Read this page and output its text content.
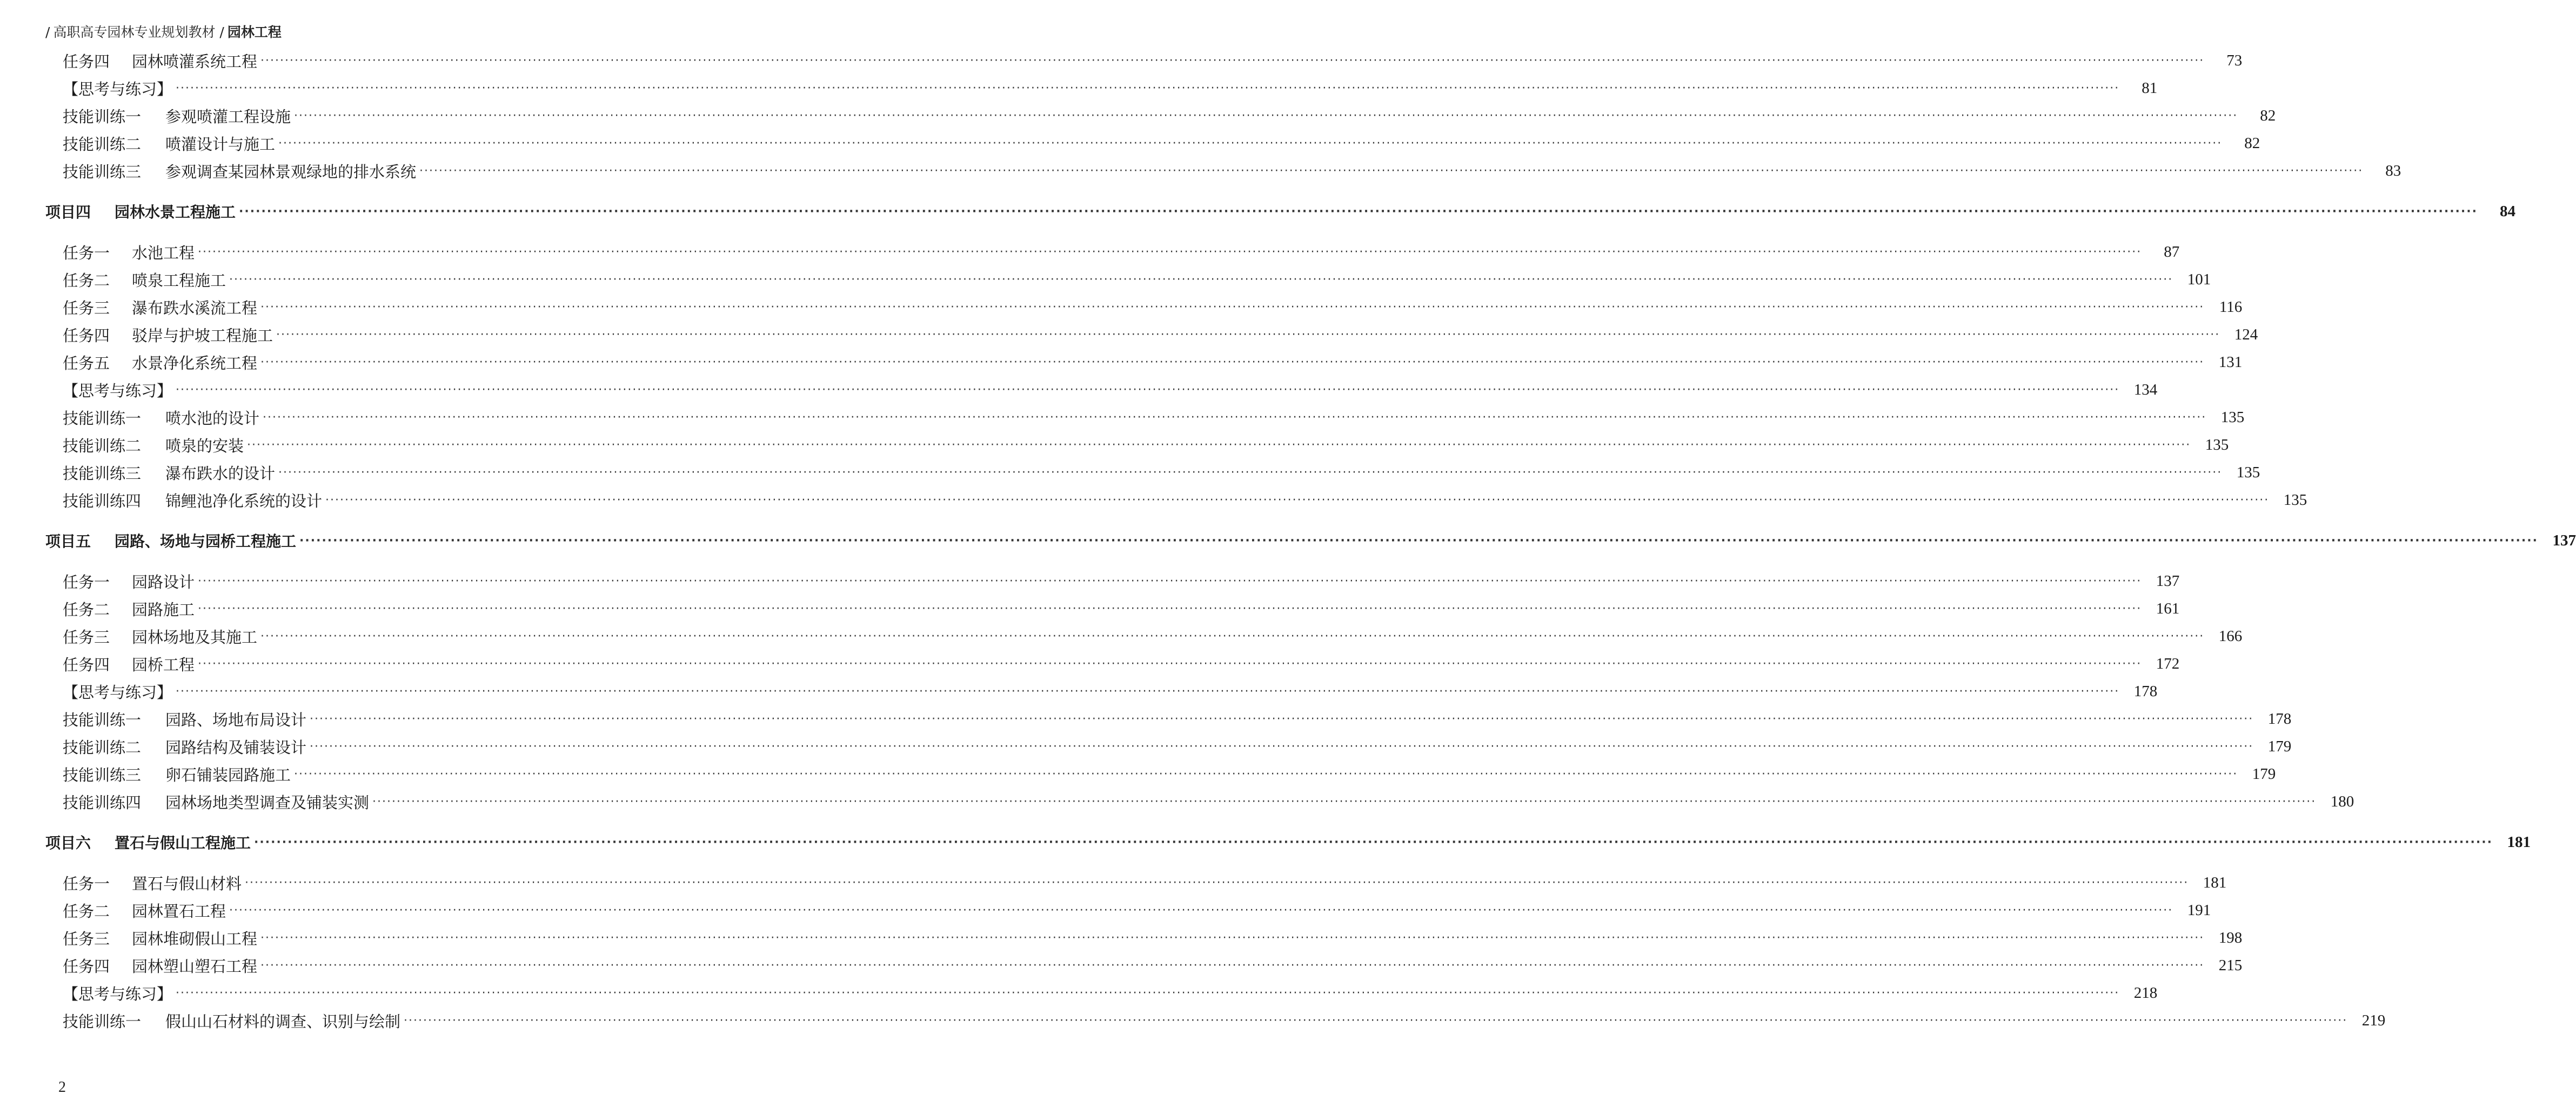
/ 高职高专园林专业规划教材 / 园林工程
任务四	园林喷灌系统工程 ················································································································································································································································································································································································································	73
【思考与练习】 ················································································································································································································································································································································································································	81
技能训练一	参观喷灌工程设施 ················································································································································································································································································································································································································	82
技能训练二	喷灌设计与施工 ················································································································································································································································································································································································································	82
技能训练三	参观调查某园林景观绿地的排水系统 ················································································································································································································································································································································································································	83
项目四	园林水景工程施工 ················································································································································································································································································································································································································	84
任务一	水池工程 ················································································································································································································································································································································································································	87
任务二	喷泉工程施工 ················································································································································································································································································································································································································ 101
任务三	瀑布跌水溪流工程 ················································································································································································································································································································································································································ 116
任务四	驳岸与护坡工程施工 ················································································································································································································································································································································································································ 124
任务五	水景净化系统工程 ················································································································································································································································································································································································································ 131
【思考与练习】 ················································································································································································································································································································································································································ 134
技能训练一	喷水池的设计 ················································································································································································································································································································································································································ 135
技能训练二	喷泉的安装 ················································································································································································································································································································································································································ 135
技能训练三	瀑布跌水的设计 ················································································································································································································································································································································································································ 135
技能训练四	锦鲤池净化系统的设计 ················································································································································································································································································································································································································ 135
项目五	园路、场地与园桥工程施工 ················································································································································································································································································································································································································ 137
任务一	园路设计 ················································································································································································································································································································································································································ 137
任务二	园路施工 ················································································································································································································································································································································································································ 161
任务三	园林场地及其施工 ················································································································································································································································································································································································································ 166
任务四	园桥工程 ················································································································································································································································································································································································································ 172
【思考与练习】 ················································································································································································································································································································································································································ 178
技能训练一	园路、场地布局设计 ················································································································································································································································································································································································································ 178
技能训练二	园路结构及铺装设计 ················································································································································································································································································································································································································ 179
技能训练三	卵石铺装园路施工 ················································································································································································································································································································································································································ 179
技能训练四	园林场地类型调查及铺装实测 ················································································································································································································································································································································································································ 180
项目六	置石与假山工程施工 ················································································································································································································································································································································································································ 181
任务一	置石与假山材料 ················································································································································································································································································································································································································ 181
任务二	园林置石工程 ················································································································································································································································································································································································································ 191
任务三	园林堆砌假山工程 ················································································································································································································································································································································································································ 198
任务四	园林塑山塑石工程 ················································································································································································································································································································································································································ 215
【思考与练习】 ················································································································································································································································································································································································································ 218
技能训练一	假山山石材料的调查、识别与绘制 ················································································································································································································································································································································································································ 219
2
